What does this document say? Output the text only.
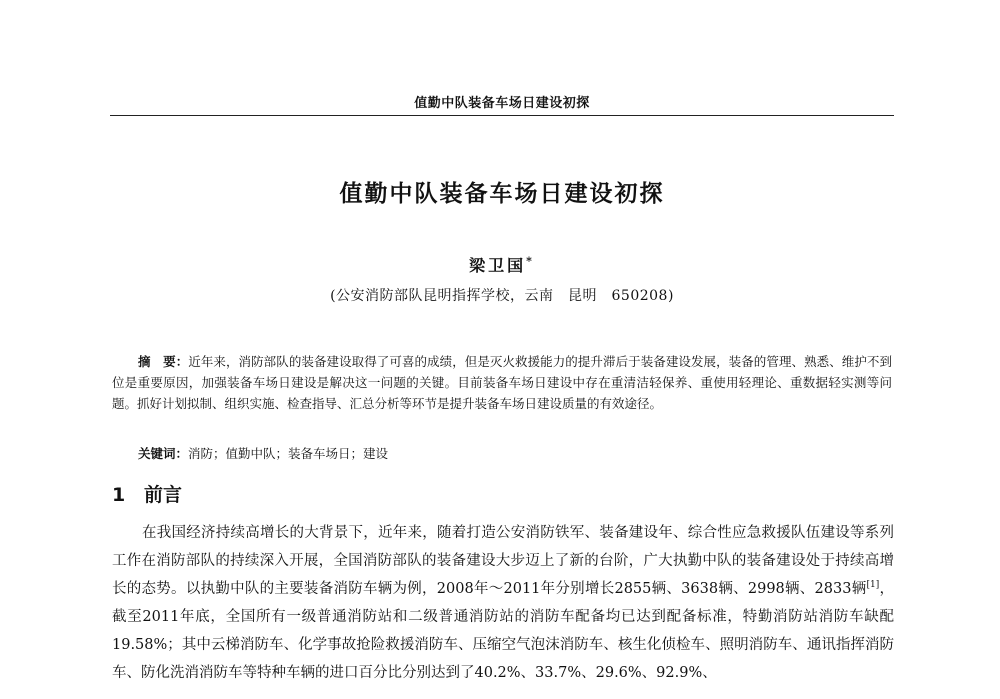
值勤中队装备车场日建设初探
值勤中队装备车场日建设初探
梁卫国*
(公安消防部队昆明指挥学校，云南　昆明　650208)
摘　要：近年来，消防部队的装备建设取得了可喜的成绩，但是灭火救援能力的提升滞后于装备建设发展，装备的管理、熟悉、维护不到位是重要原因，加强装备车场日建设是解决这一问题的关键。目前装备车场日建设中存在重清洁轻保养、重使用轻理论、重数据轻实测等问题。抓好计划拟制、组织实施、检查指导、汇总分析等环节是提升装备车场日建设质量的有效途径。
关键词：消防；值勤中队；装备车场日；建设
1 前言
在我国经济持续高增长的大背景下，近年来，随着打造公安消防铁军、装备建设年、综合性应急救援队伍建设等系列工作在消防部队的持续深入开展，全国消防部队的装备建设大步迈上了新的台阶，广大执勤中队的装备建设处于持续高增长的态势。以执勤中队的主要装备消防车辆为例，2008年～2011年分别增长2855辆、3638辆、2998辆、2833辆[1]，截至2011年底，全国所有一级普通消防站和二级普通消防站的消防车配备均已达到配备标准，特勤消防站消防车缺配19.58%；其中云梯消防车、化学事故抢险救援消防车、压缩空气泡沫消防车、核生化侦检车、照明消防车、通讯指挥消防车、防化洗消消防车等特种车辆的进口百分比分别达到了40.2%、33.7%、29.6%、92.9%、
